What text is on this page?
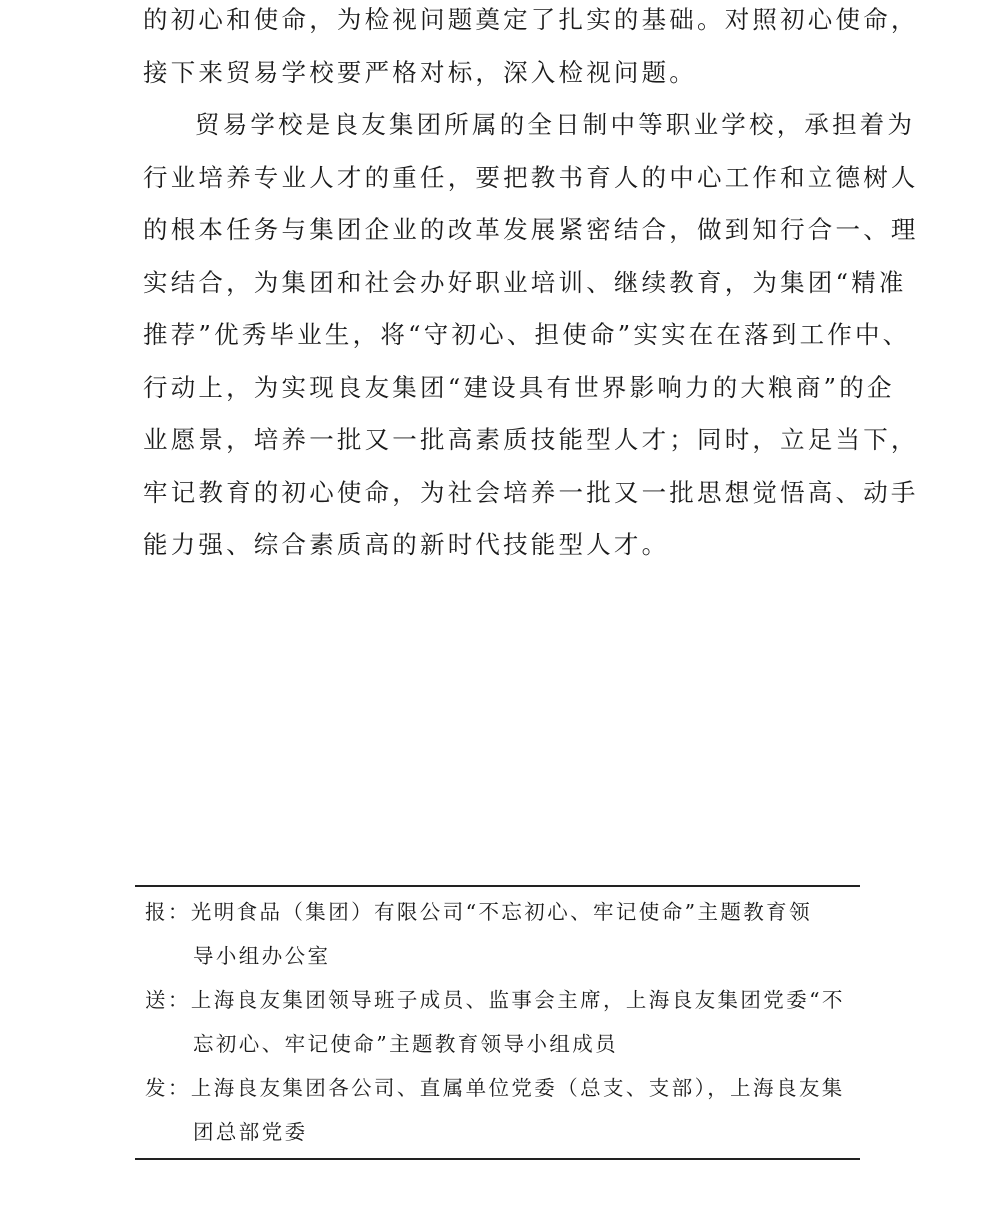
的初心和使命，为检视问题奠定了扎实的基础。对照初心使命，
接下来贸易学校要严格对标，深入检视问题。
贸易学校是良友集团所属的全日制中等职业学校，承担着为
行业培养专业人才的重任，要把教书育人的中心工作和立德树人
的根本任务与集团企业的改革发展紧密结合，做到知行合一、理
实结合，为集团和社会办好职业培训、继续教育，为集团“精准
推荐”优秀毕业生，将“守初心、担使命”实实在在落到工作中、
行动上，为实现良友集团“建设具有世界影响力的大粮商”的企
业愿景，培养一批又一批高素质技能型人才；同时，立足当下，
牢记教育的初心使命，为社会培养一批又一批思想觉悟高、动手
能力强、综合素质高的新时代技能型人才。
报：光明食品（集团）有限公司“不忘初心、牢记使命”主题教育领
导小组办公室
送：上海良友集团领导班子成员、监事会主席，上海良友集团党委“不
忘初心、牢记使命”主题教育领导小组成员
发：上海良友集团各公司、直属单位党委（总支、支部），上海良友集
团总部党委
